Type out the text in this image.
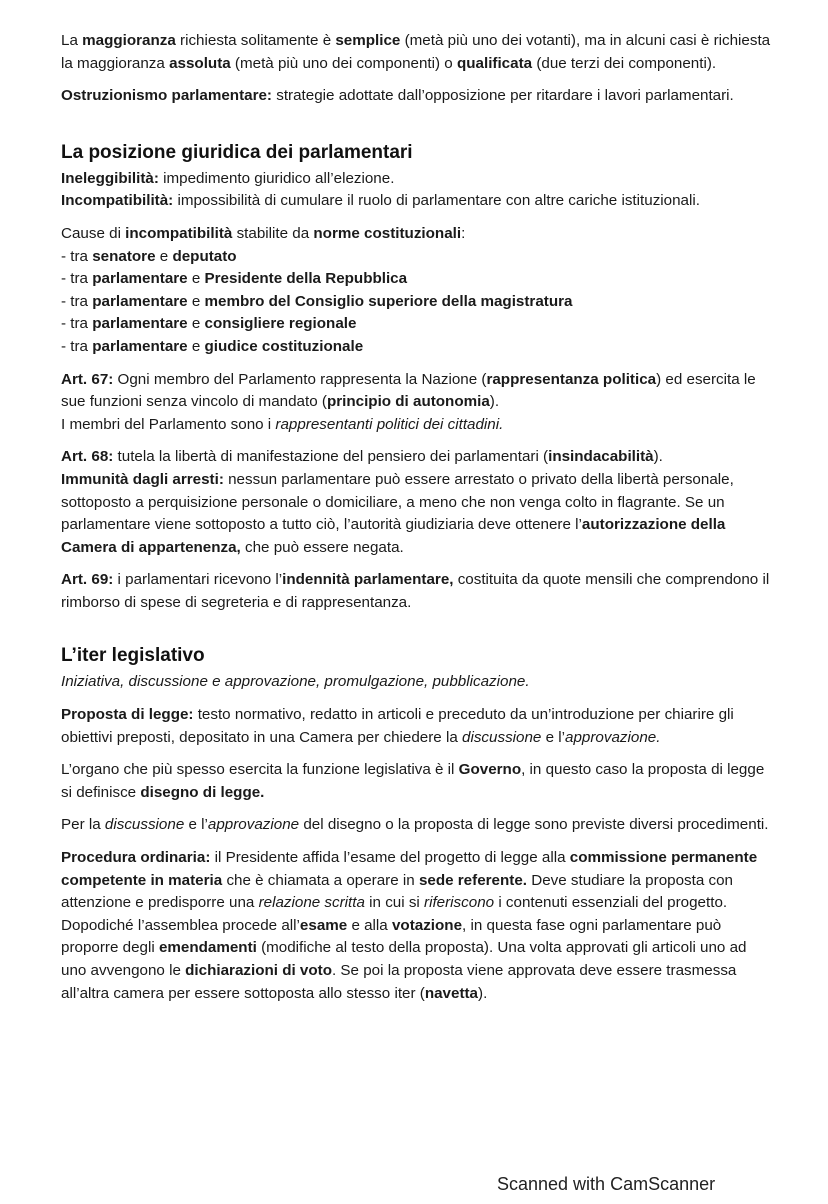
La maggioranza richiesta solitamente è semplice (metà più uno dei votanti), ma in alcuni casi è richiesta la maggioranza assoluta (metà più uno dei componenti) o qualificata (due terzi dei componenti).

Ostruzionismo parlamentare: strategie adottate dall’opposizione per ritardare i lavori parlamentari.

La posizione giuridica dei parlamentari

Ineleggibilità: impedimento giuridico all’elezione.
Incompatibilità: impossibilità di cumulare il ruolo di parlamentare con altre cariche istituzionali.

Cause di incompatibilità stabilite da norme costituzionali:
- tra senatore e deputato
- tra parlamentare e Presidente della Repubblica
- tra parlamentare e membro del Consiglio superiore della magistratura
- tra parlamentare e consigliere regionale
- tra parlamentare e giudice costituzionale

Art. 67: Ogni membro del Parlamento rappresenta la Nazione (rappresentanza politica) ed esercita le sue funzioni senza vincolo di mandato (principio di autonomia).
I membri del Parlamento sono i rappresentanti politici dei cittadini.

Art. 68: tutela la libertà di manifestazione del pensiero dei parlamentari (insindacabilità).
Immunità dagli arresti: nessun parlamentare può essere arrestato o privato della libertà personale, sottoposto a perquisizione personale o domiciliare, a meno che non venga colto in flagrante. Se un parlamentare viene sottoposto a tutto ciò, l’autorità giudiziaria deve ottenere l’autorizzazione della Camera di appartenenza, che può essere negata.

Art. 69: i parlamentari ricevono l’indennità parlamentare, costituita da quote mensili che comprendono il rimborso di spese di segreteria e di rappresentanza.

L’iter legislativo

Iniziativa, discussione e approvazione, promulgazione, pubblicazione.

Proposta di legge: testo normativo, redatto in articoli e preceduto da un’introduzione per chiarire gli obiettivi preposti, depositato in una Camera per chiedere la discussione e l’approvazione.

L’organo che più spesso esercita la funzione legislativa è il Governo, in questo caso la proposta di legge si definisce disegno di legge.

Per la discussione e l’approvazione del disegno o la proposta di legge sono previste diversi procedimenti.

Procedura ordinaria: il Presidente affida l’esame del progetto di legge alla commissione permanente competente in materia che è chiamata a operare in sede referente. Deve studiare la proposta con attenzione e predisporre una relazione scritta in cui si riferiscono i contenuti essenziali del progetto. Dopodiché l’assemblea procede all’esame e alla votazione, in questa fase ogni parlamentare può proporre degli emendamenti (modifiche al testo della proposta). Una volta approvati gli articoli uno ad uno avvengono le dichiarazioni di voto. Se poi la proposta viene approvata deve essere trasmessa all’altra camera per essere sottoposta allo stesso iter (navetta).

Scanned with CamScanner
